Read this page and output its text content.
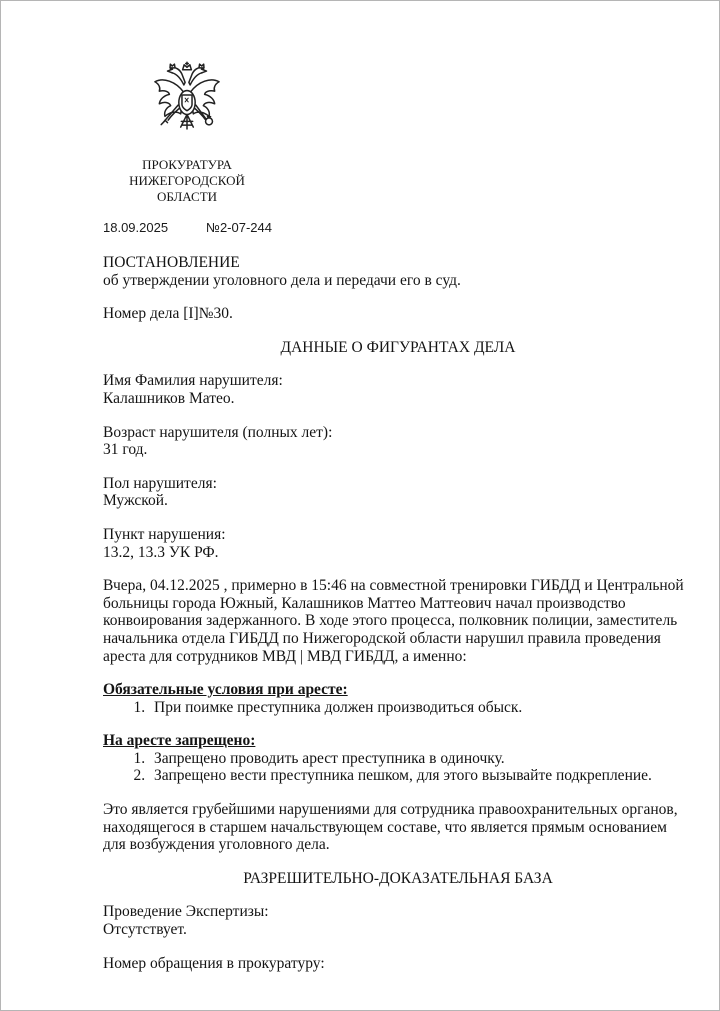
ПРОКУРАТУРА
НИЖЕГОРОДСКОЙ ОБЛАСТИ
18.09.2025	№2-07-244

ПОСТАНОВЛЕНИЕ

об утверждении уголовного дела и передачи его в суд.

Номер дела [I]№30.

ДАННЫЕ О ФИГУРАНТАХ ДЕЛА

Имя Фамилия нарушителя:

Калашников Матео.

Возраст нарушителя (полных лет):

31 год.

Пол нарушителя:

Мужской.

Пункт нарушения:

13.2, 13.3 УК РФ.

Вчера, 04.12.2025 , примерно в 15:46 на совместной тренировки ГИБДД и Центральной больницы города Южный, Калашников Маттео Маттеович начал производство конвоирования задержанного. В ходе этого процесса, полковник полиции, заместитель начальника отдела ГИБДД по Нижегородской области нарушил правила проведения ареста для сотрудников МВД | МВД ГИБДД, а именно:

Обязательные условия при аресте:

1. При поимке преступника должен производиться обыск.

На аресте запрещено:

1. Запрещено проводить арест преступника в одиночку.
2. Запрещено вести преступника пешком, для этого вызывайте подкрепление.

Это является грубейшими нарушениями для сотрудника правоохранительных органов, находящегося в старшем начальствующем составе, что является прямым основанием для возбуждения уголовного дела.

РАЗРЕШИТЕЛЬНО-ДОКАЗАТЕЛЬНАЯ БАЗА

Проведение Экспертизы:

Отсутствует.

Номер обращения в прокуратуру:
